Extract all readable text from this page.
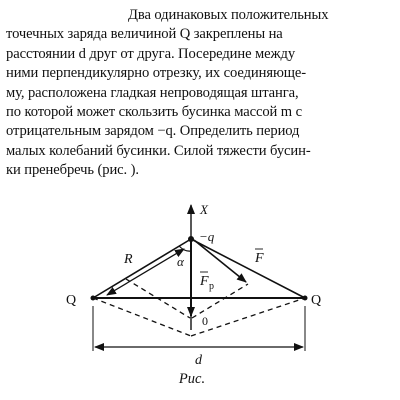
Два одинаковых положительных
точечных заряда величиной Q закреплены на
расстоянии d друг от друга. Посередине между
ними перпендикулярно отрезку, их соединяюще-
му, расположена гладкая непроводящая штанга,
по которой может скользить бусинка массой m с
отрицательным зарядом −q. Определить период
малых колебаний бусинки. Силой тяжести бусин-
ки пренебречь (рис. ).
X
−q
Q	Q
R	α	F
F р
0
d
Рис.
